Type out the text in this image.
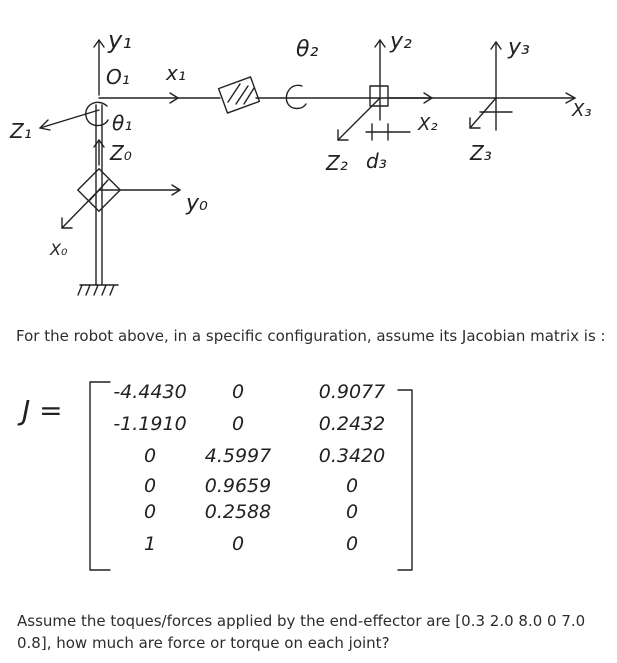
y₁
O₁ x₁
Z₁	θ₁
Z₀
X₀
y₀
θ₂	y₂
X₂
Z₂ d₃
y₃
Z₃
X₃
For the robot above, in a specific configuration, assume its Jacobian matrix is :
J =
-4.4430 0	0.9077
-1.1910 0	0.2432
0	4.5997	0.3420
0	0.9659	0
0	0.2588	0
1	0	0
Assume the toques/forces applied by the end-effector are [0.3 2.0 8.0 0 7.0 0.8], how much are force or torque on each joint?
